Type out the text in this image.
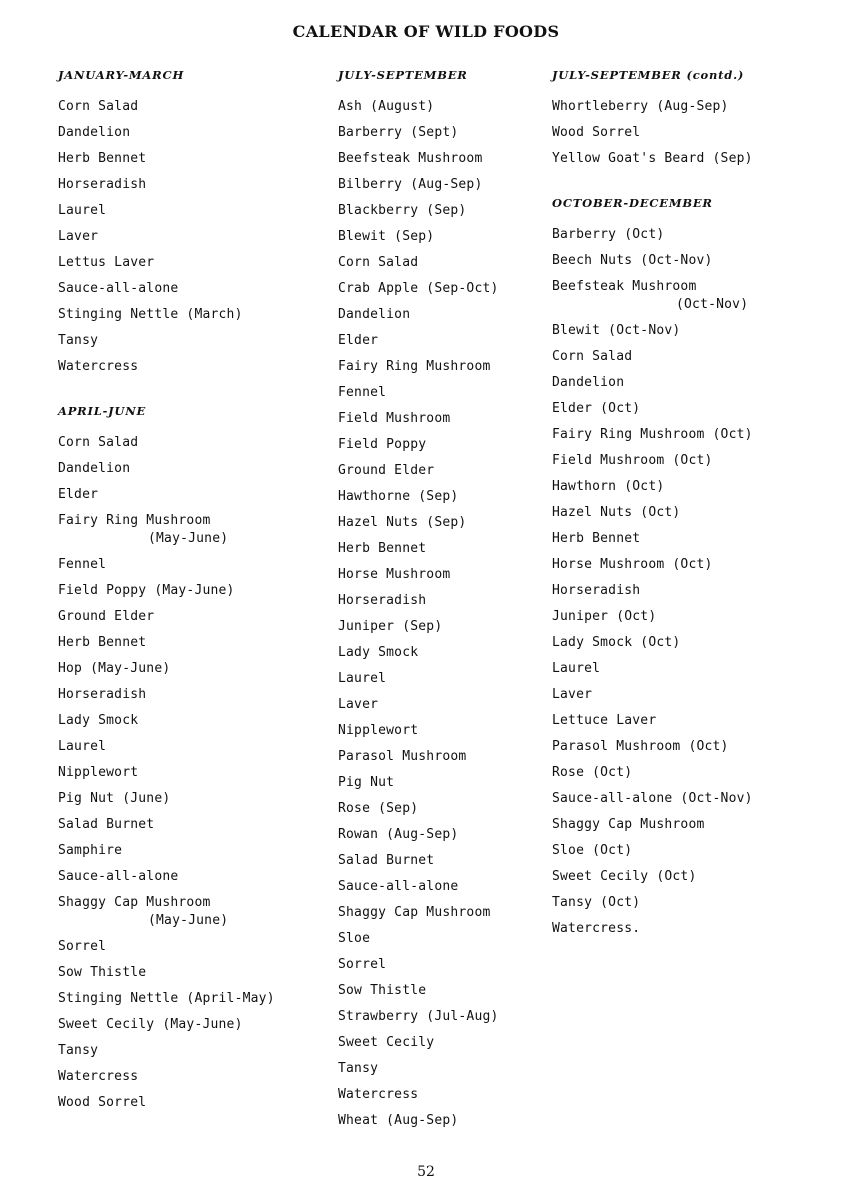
CALENDAR OF WILD FOODS
JANUARY-MARCH
Corn Salad
Dandelion
Herb Bennet
Horseradish
Laurel
Laver
Lettus Laver
Sauce-all-alone
Stinging Nettle (March)
Tansy
Watercress
APRIL-JUNE
Corn Salad
Dandelion
Elder
Fairy Ring Mushroom
(May-June)
Fennel
Field Poppy (May-June)
Ground Elder
Herb Bennet
Hop (May-June)
Horseradish
Lady Smock
Laurel
Nipplewort
Pig Nut (June)
Salad Burnet
Samphire
Sauce-all-alone
Shaggy Cap Mushroom
(May-June)
Sorrel
Sow Thistle
Stinging Nettle (April-May)
Sweet Cecily (May-June)
Tansy
Watercress
Wood Sorrel
JULY-SEPTEMBER
Ash (August)
Barberry (Sept)
Beefsteak Mushroom
Bilberry (Aug-Sep)
Blackberry (Sep)
Blewit (Sep)
Corn Salad
Crab Apple (Sep-Oct)
Dandelion
Elder
Fairy Ring Mushroom
Fennel
Field Mushroom
Field Poppy
Ground Elder
Hawthorne (Sep)
Hazel Nuts (Sep)
Herb Bennet
Horse Mushroom
Horseradish
Juniper (Sep)
Lady Smock
Laurel
Laver
Nipplewort
Parasol Mushroom
Pig Nut
Rose (Sep)
Rowan (Aug-Sep)
Salad Burnet
Sauce-all-alone
Shaggy Cap Mushroom
Sloe
Sorrel
Sow Thistle
Strawberry (Jul-Aug)
Sweet Cecily
Tansy
Watercress
Wheat (Aug-Sep)
JULY-SEPTEMBER (contd.)
Whortleberry (Aug-Sep)
Wood Sorrel
Yellow Goat's Beard (Sep)
OCTOBER-DECEMBER
Barberry (Oct)
Beech Nuts (Oct-Nov)
Beefsteak Mushroom
(Oct-Nov)
Blewit (Oct-Nov)
Corn Salad
Dandelion
Elder (Oct)
Fairy Ring Mushroom (Oct)
Field Mushroom (Oct)
Hawthorn (Oct)
Hazel Nuts (Oct)
Herb Bennet
Horse Mushroom (Oct)
Horseradish
Juniper (Oct)
Lady Smock (Oct)
Laurel
Laver
Lettuce Laver
Parasol Mushroom (Oct)
Rose (Oct)
Sauce-all-alone (Oct-Nov)
Shaggy Cap Mushroom
Sloe (Oct)
Sweet Cecily (Oct)
Tansy (Oct)
Watercress.
52
